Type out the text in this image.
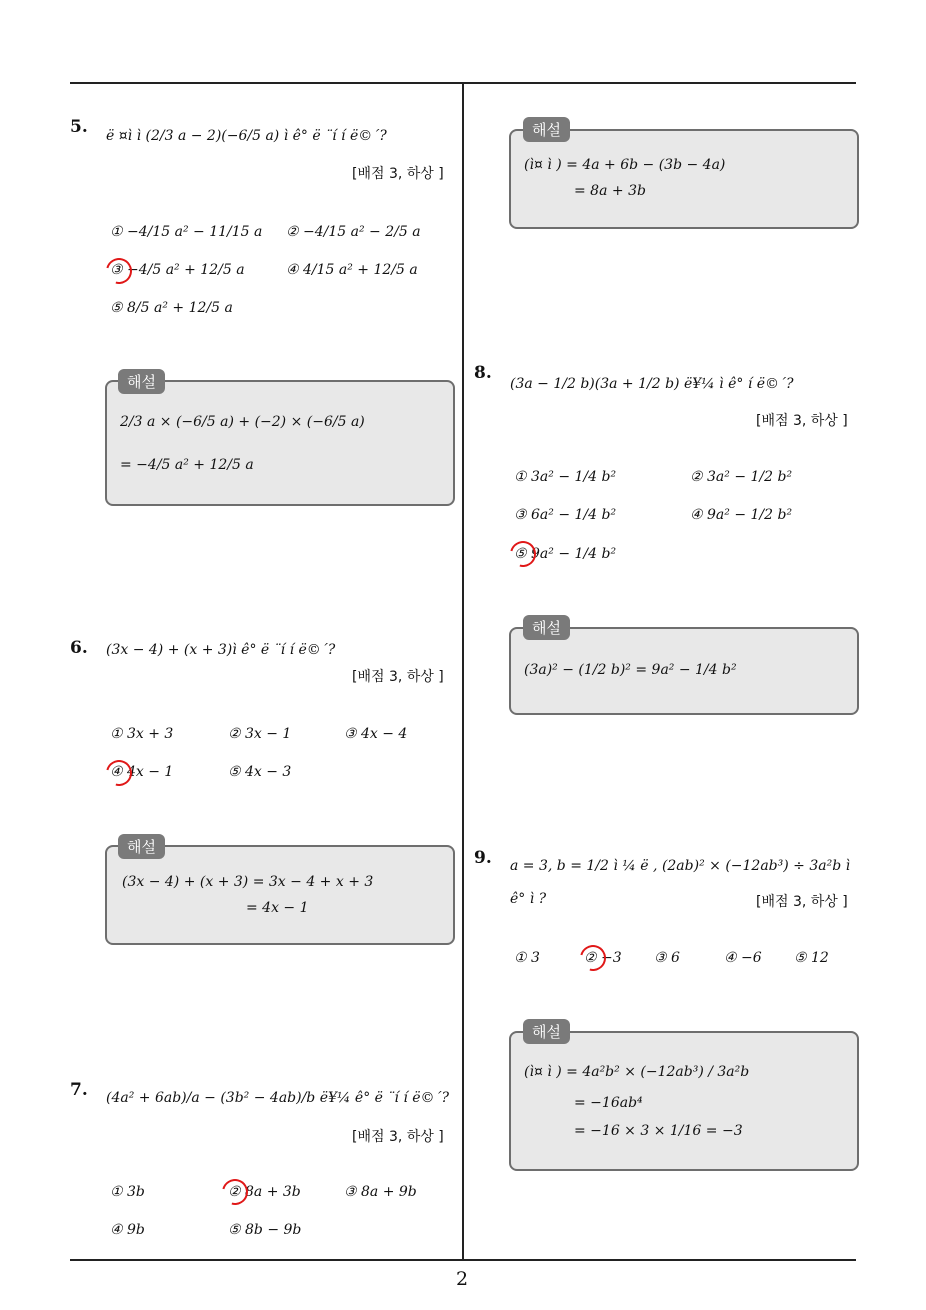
2
5. ë ¤ì ì (2/3 a − 2)(−6/5 a) ì ê° ë ¨í í ë©´?
[배점 3, 하상 ]
① −4/15 a² − 11/15 a ② −4/15 a² − 2/5 a
③ −4/5 a² + 12/5 a	④ 4/15 a² + 12/5 a
⑤ 8/5 a² + 12/5 a
해설
2/3 a × (−6/5 a) + (−2) × (−6/5 a)
= −4/5 a² + 12/5 a
6. (3x − 4) + (x + 3)ì ê° ë ¨í í ë©´?
[배점 3, 하상 ]
① 3x + 3	② 3x − 1	③ 4x − 4
④ 4x − 1	⑤ 4x − 3
해설
(3x − 4) + (x + 3) = 3x − 4 + x + 3
= 4x − 1
7. (4a² + 6ab)/a − (3b² − 4ab)/b ë¥¼ ê° ë ¨í í ë©´?
[배점 3, 하상 ]
① 3b	② 8a + 3b	③ 8a + 9b
④ 9b	⑤ 8b − 9b
해설
(ì¤ ì ) = 4a + 6b − (3b − 4a)
= 8a + 3b
8.
(3a − 1/2 b)(3a + 1/2 b) ë¥¼ ì ê° í ë©´?
[배점 3, 하상 ]
① 3a² − 1/4 b²	② 3a² − 1/2 b²
③ 6a² − 1/4 b²	④ 9a² − 1/2 b²
⑤ 9a² − 1/4 b²
해설
(3a)² − (1/2 b)² = 9a² − 1/4 b²
9. a = 3, b = 1/2 ì ¼ ë , (2ab)² × (−12ab³) ÷ 3a²b ì
ê° ì ?	[배점 3, 하상 ]
① 3	② −3 ③ 6	④ −6 ⑤ 12
해설
(ì¤ ì ) = 4a²b² × (−12ab³) / 3a²b
= −16ab⁴
= −16 × 3 × 1/16 = −3
